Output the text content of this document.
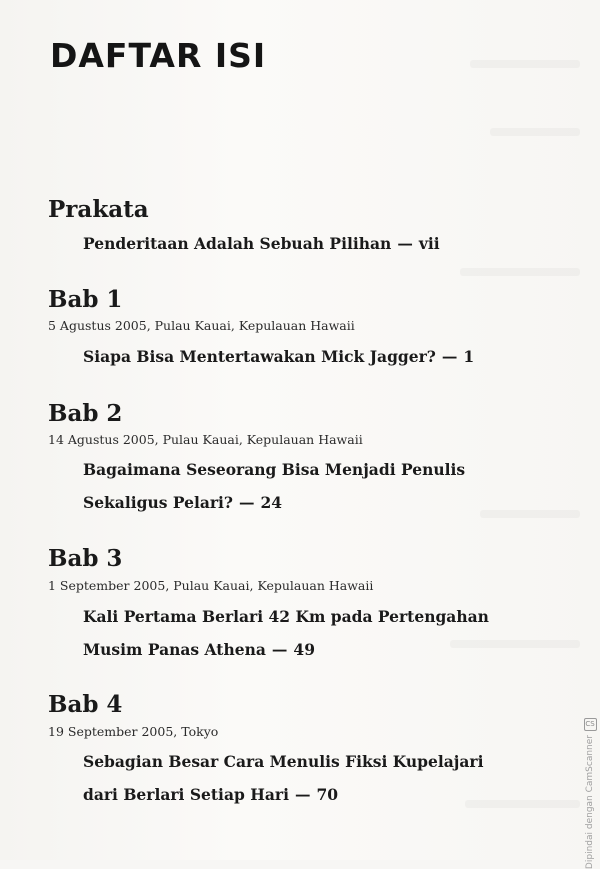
DAFTAR ISI
Prakata
Penderitaan Adalah Sebuah Pilihan — vii
Bab 1
5 Agustus 2005, Pulau Kauai, Kepulauan Hawaii
Siapa Bisa Mentertawakan Mick Jagger? — 1
Bab 2
14 Agustus 2005, Pulau Kauai, Kepulauan Hawaii
Bagaimana Seseorang Bisa Menjadi Penulis
Sekaligus Pelari? — 24
Bab 3
1 September 2005, Pulau Kauai, Kepulauan Hawaii
Kali Pertama Berlari 42 Km pada Pertengahan
Musim Panas Athena — 49
Bab 4
19 September 2005, Tokyo
Sebagian Besar Cara Menulis Fiksi Kupelajari
dari Berlari Setiap Hari — 70
CS
Dipindai dengan CamScanner
